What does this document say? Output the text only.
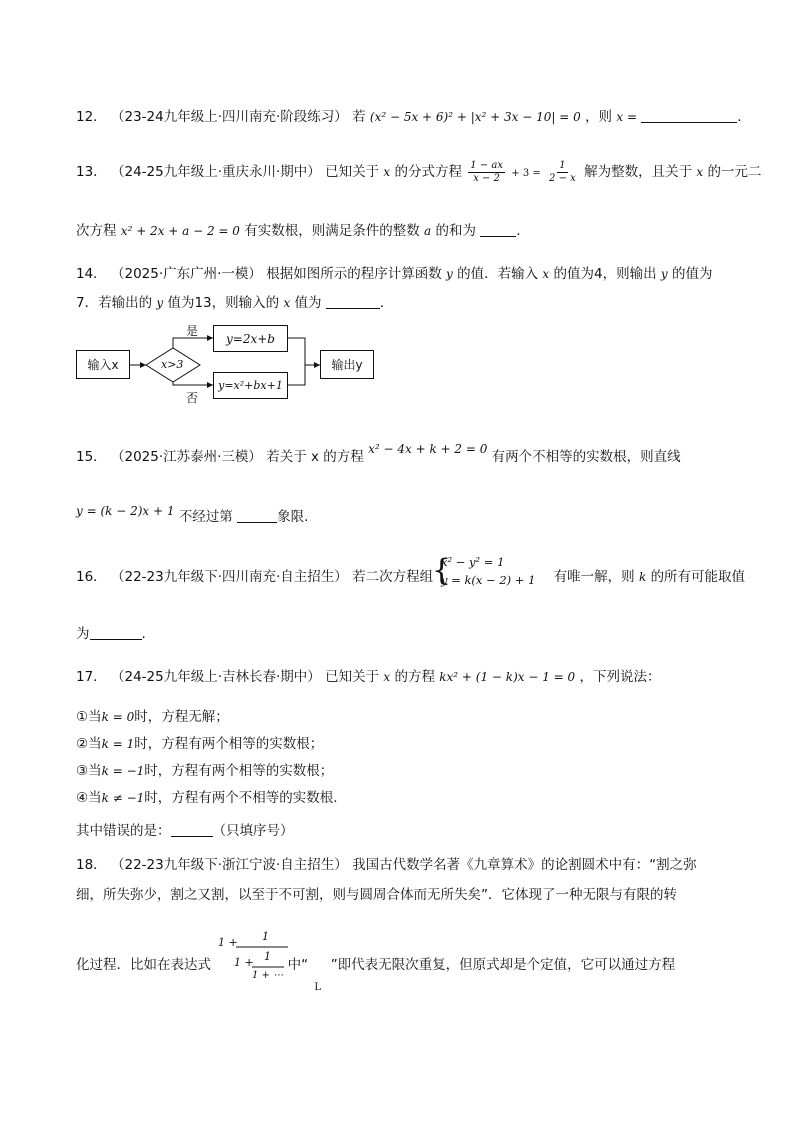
12． （23-24九年级上·四川南充·阶段练习） 若 (x² − 5x + 6)² + |x² + 3x − 10| = 0 ，则 x =	.
13． （24-25九年级上·重庆永川·期中） 已知关于 x 的分式方程 $\frac{1 - ax}{x - 2} + 3 = \frac{1}{2 - x}$ 解为整数，且关于 x 的一元二
次方程 x² + 2x + a − 2 = 0 有实数根，则满足条件的整数 a 的和为	.
14． （2025·广东广州·一模） 根据如图所示的程序计算函数 y 的值．若输入 x 的值为4，则输出 y 的值为
7．若输出的 y 值为13，则输入的 x 值为	．
输入x	x>3
是
否
y=2x+b
y=x²+bx+1
输出y
15． （2025·江苏泰州·三模） 若关于 x 的方程 x² − 4x + k + 2 = 0 有两个不相等的实数根，则直线
y = (k − 2)x + 1 不经过第	象限.
16． （22-23九年级下·四川南充·自主招生） 若二次方程组	有唯一解，则 k 的所有可能取值
{
x² − y² = 1
y = k(x − 2) + 1
为	.
17． （24-25九年级上·吉林长春·期中） 已知关于 x 的方程 kx² + (1 − k)x − 1 = 0 ，下列说法：
①当k = 0时，方程无解；
②当k = 1时，方程有两个相等的实数根；
③当k = −1时，方程有两个相等的实数根；
④当k ≠ −1时，方程有两个不相等的实数根.
其中错误的是：	（只填序号）
18． （22-23九年级下·浙江宁波·自主招生） 我国古代数学名著《九章算术》的论割圆术中有：“割之弥
细，所失弥少，割之又割，以至于不可割，则与圆周合体而无所失矣”．它体现了一种无限与有限的转
化过程．比如在表达式	中“
L
”即代表无限次重复，但原式却是个定值，它可以通过方程
1 + 1
1 + 1
1 + ⋯
